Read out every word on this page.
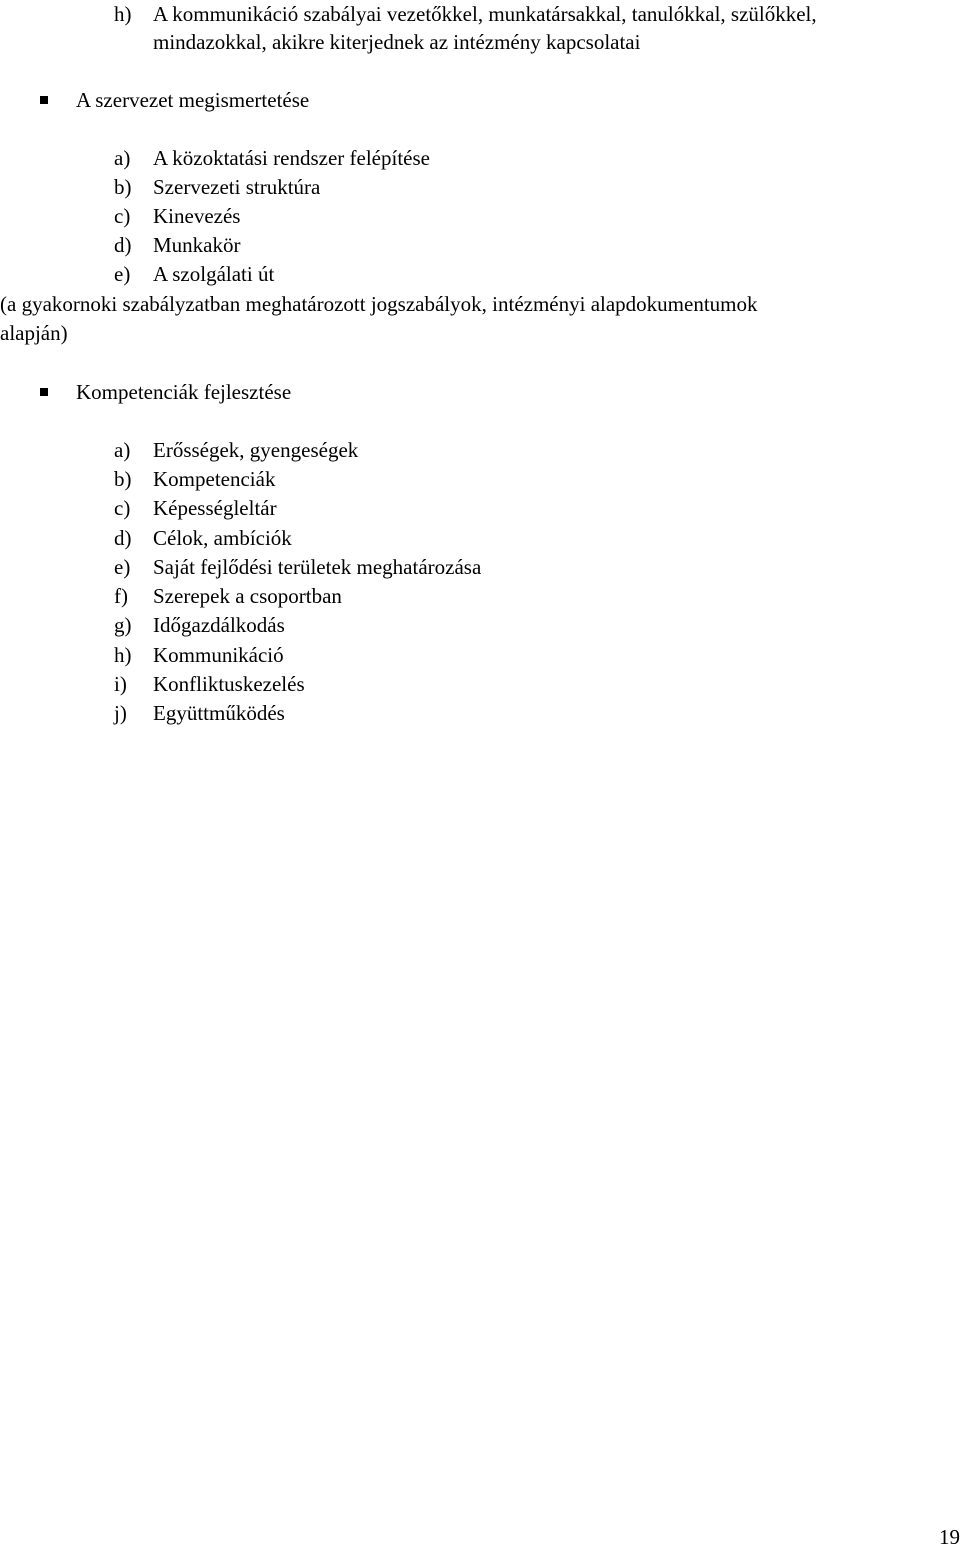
h) A kommunikáció szabályai vezetőkkel, munkatársakkal, tanulókkal, szülőkkel,
mindazokkal, akikre kiterjednek az intézmény kapcsolatai
A szervezet megismertetése
a) A közoktatási rendszer felépítése
b) Szervezeti struktúra
c) Kinevezés
d) Munkakör
e) A szolgálati út
(a gyakornoki szabályzatban meghatározott jogszabályok, intézményi alapdokumentumok
alapján)
Kompetenciák fejlesztése
a) Erősségek, gyengeségek
b) Kompetenciák
c) Képességleltár
d) Célok, ambíciók
e) Saját fejlődési területek meghatározása
f) Szerepek a csoportban
g) Időgazdálkodás
h) Kommunikáció
i) Konfliktuskezelés
j) Együttműködés
19
